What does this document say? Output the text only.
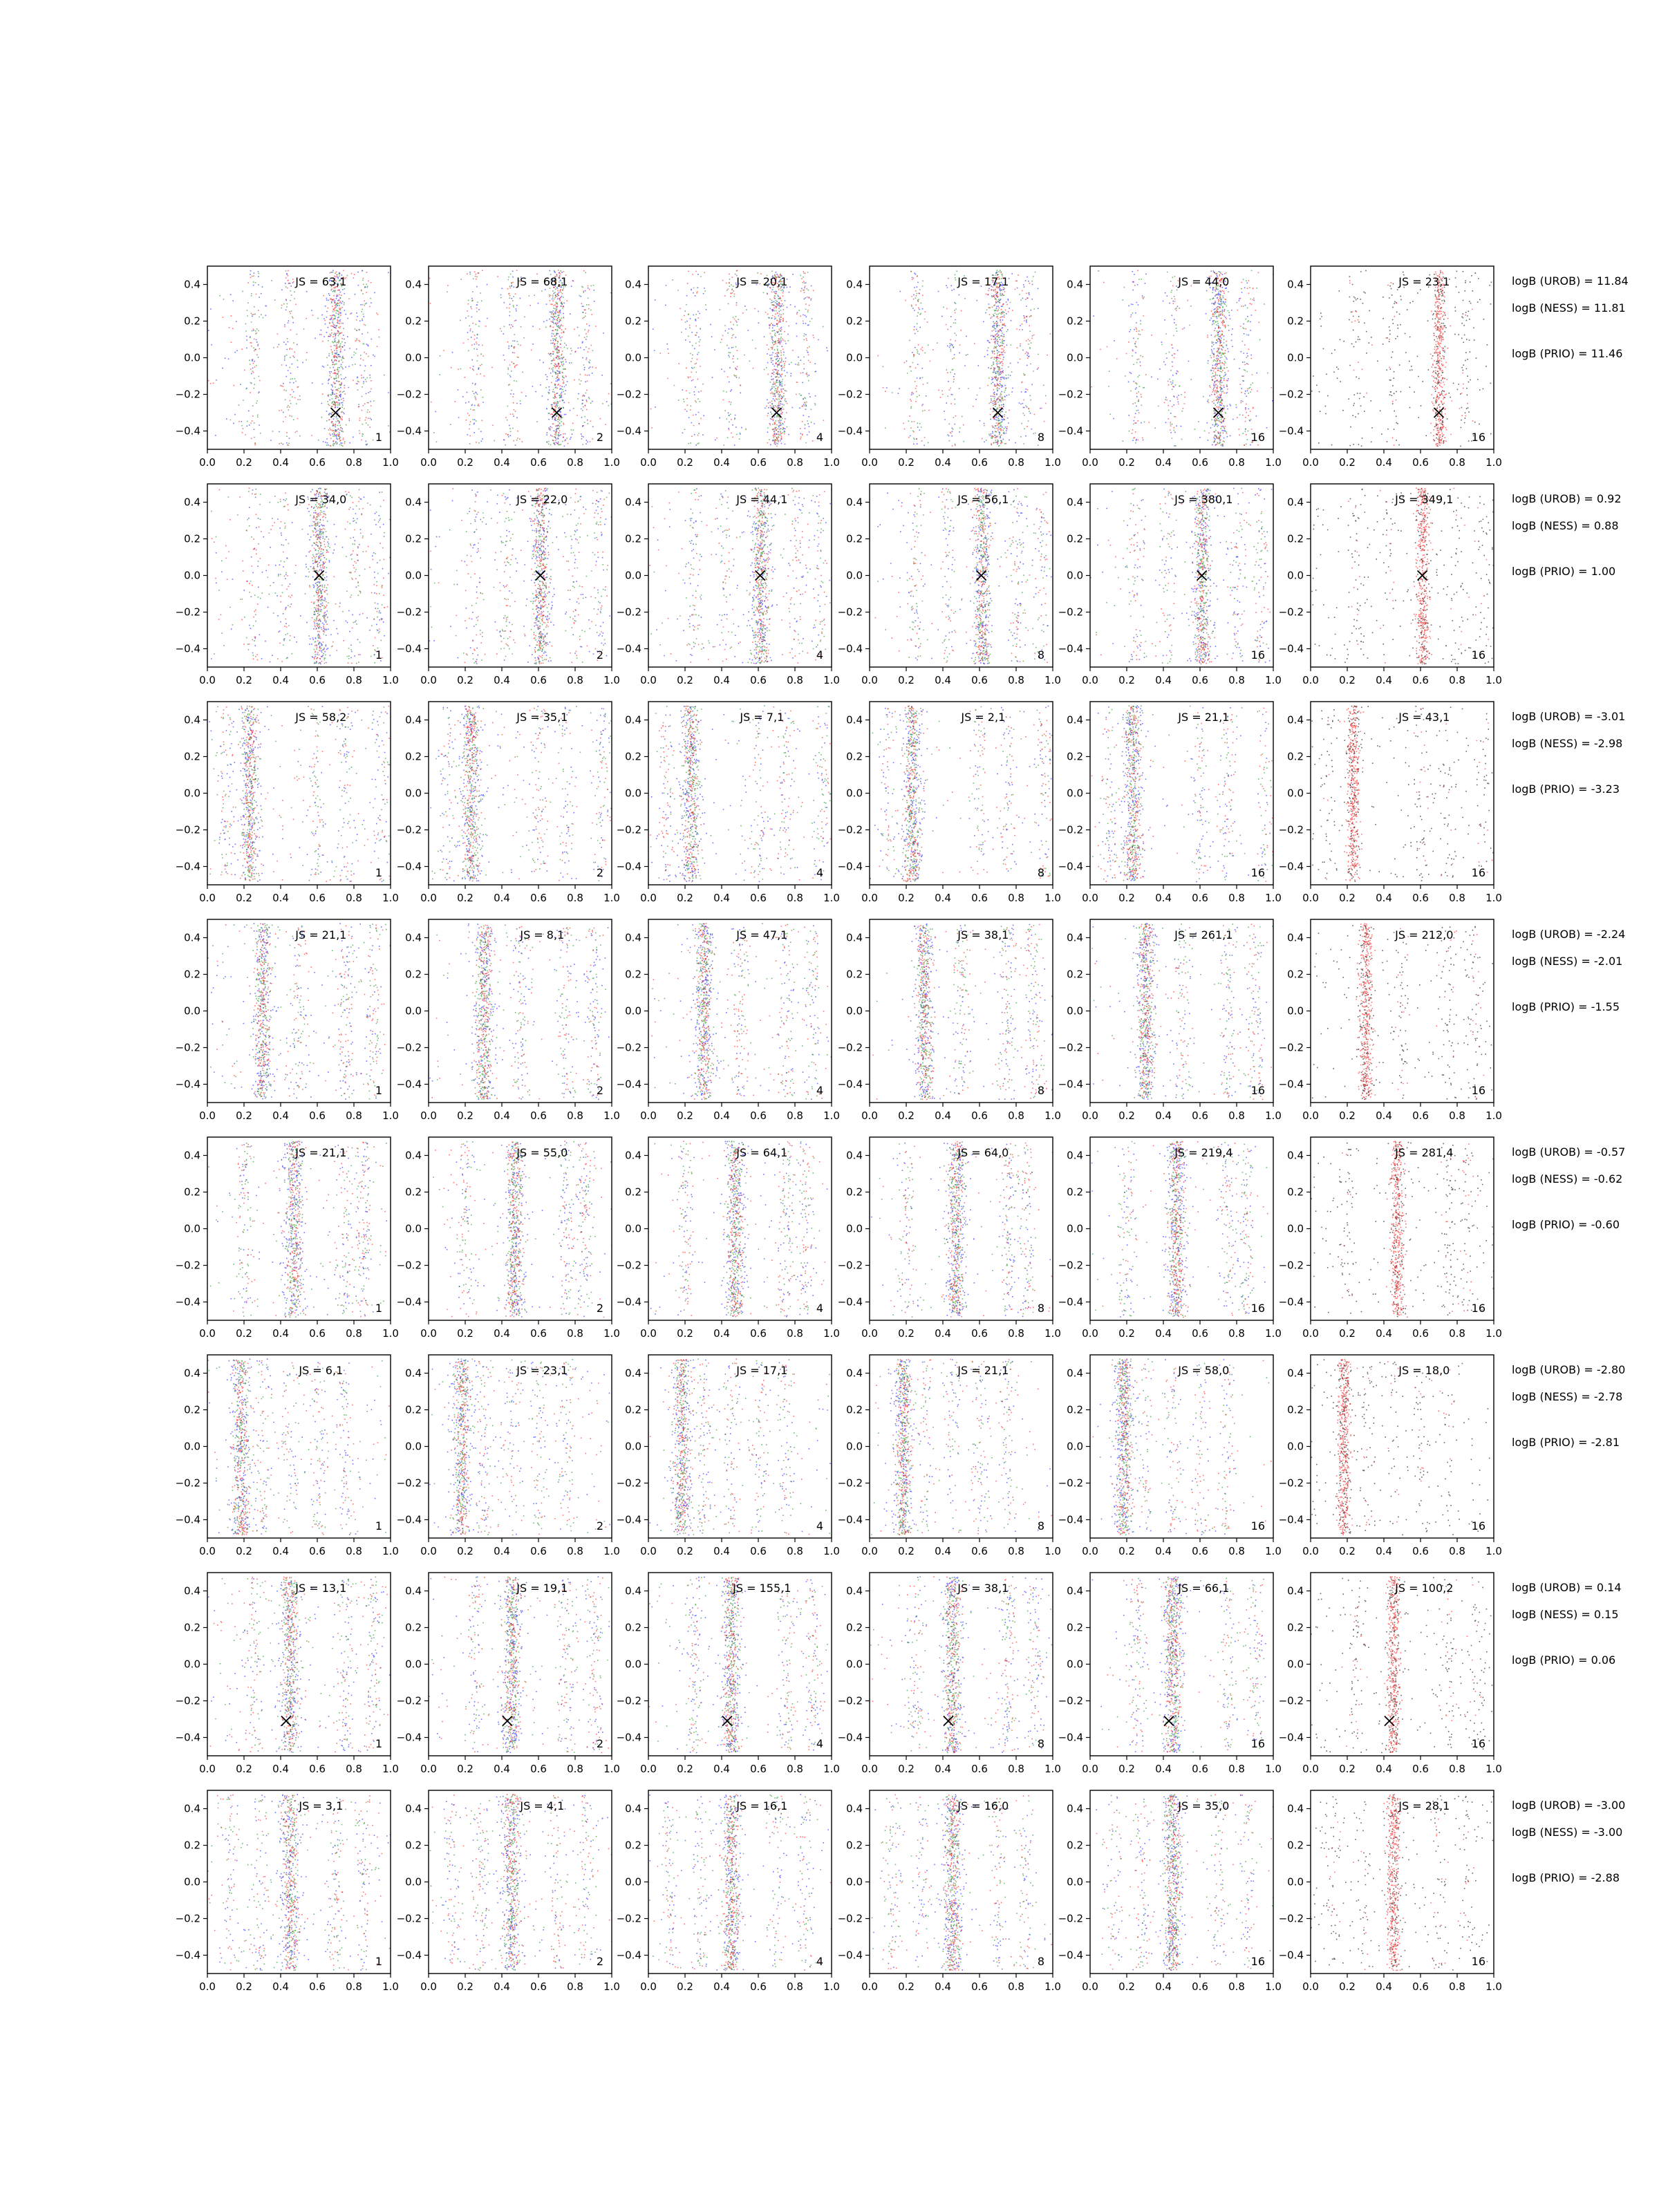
0.0 0.2 0.4 0.6 0.8 1.0
0.4
0.2
0.0
−0.2
−0.4
JS = 63,1
1
0.0 0.2 0.4 0.6 0.8 1.0
0.4
0.2
0.0
−0.2
−0.4
JS = 68,1
2
0.0 0.2 0.4 0.6 0.8 1.0
0.4
0.2
0.0
−0.2
−0.4
JS = 20,1
4
0.0 0.2 0.4 0.6 0.8 1.0
0.4
0.2
0.0
−0.2
−0.4
JS = 17,1
8
0.0 0.2 0.4 0.6 0.8 1.0
0.4
0.2
0.0
−0.2
−0.4
JS = 44,0
16
0.0 0.2 0.4 0.6 0.8 1.0
0.4
0.2
0.0
−0.2
−0.4
JS = 23,1
16
logB (UROB) = 11.84
logB (NESS) = 11.81
logB (PRIO) = 11.46
0.0 0.2 0.4 0.6 0.8 1.0
0.4
0.2
0.0
−0.2
−0.4
JS = 34,0
1
0.0 0.2 0.4 0.6 0.8 1.0
0.4
0.2
0.0
−0.2
−0.4
JS = 22,0
2
0.0 0.2 0.4 0.6 0.8 1.0
0.4
0.2
0.0
−0.2
−0.4
JS = 44,1
4
0.0 0.2 0.4 0.6 0.8 1.0
0.4
0.2
0.0
−0.2
−0.4
JS = 56,1
8
0.0 0.2 0.4 0.6 0.8 1.0
0.4
0.2
0.0
−0.2
−0.4
JS = 380,1
16
0.0 0.2 0.4 0.6 0.8 1.0
0.4
0.2
0.0
−0.2
−0.4
JS = 349,1
16
logB (UROB) = 0.92
logB (NESS) = 0.88
logB (PRIO) = 1.00
0.0 0.2 0.4 0.6 0.8 1.0
0.4
0.2
0.0
−0.2
−0.4
JS = 58,2
1
0.0 0.2 0.4 0.6 0.8 1.0
0.4
0.2
0.0
−0.2
−0.4
JS = 35,1
2
0.0 0.2 0.4 0.6 0.8 1.0
0.4
0.2
0.0
−0.2
−0.4
JS = 7,1
4
0.0 0.2 0.4 0.6 0.8 1.0
0.4
0.2
0.0
−0.2
−0.4
JS = 2,1
8
0.0 0.2 0.4 0.6 0.8 1.0
0.4
0.2
0.0
−0.2
−0.4
JS = 21,1
16
0.0 0.2 0.4 0.6 0.8 1.0
0.4
0.2
0.0
−0.2
−0.4
JS = 43,1
16
logB (UROB) = -3.01
logB (NESS) = -2.98
logB (PRIO) = -3.23
0.0 0.2 0.4 0.6 0.8 1.0
0.4
0.2
0.0
−0.2
−0.4
JS = 21,1
1
0.0 0.2 0.4 0.6 0.8 1.0
0.4
0.2
0.0
−0.2
−0.4
JS = 8,1
2
0.0 0.2 0.4 0.6 0.8 1.0
0.4
0.2
0.0
−0.2
−0.4
JS = 47,1
4
0.0 0.2 0.4 0.6 0.8 1.0
0.4
0.2
0.0
−0.2
−0.4
JS = 38,1
8
0.0 0.2 0.4 0.6 0.8 1.0
0.4
0.2
0.0
−0.2
−0.4
JS = 261,1
16
0.0 0.2 0.4 0.6 0.8 1.0
0.4
0.2
0.0
−0.2
−0.4
JS = 212,0
16
logB (UROB) = -2.24
logB (NESS) = -2.01
logB (PRIO) = -1.55
0.0 0.2 0.4 0.6 0.8 1.0
0.4
0.2
0.0
−0.2
−0.4
JS = 21,1
1
0.0 0.2 0.4 0.6 0.8 1.0
0.4
0.2
0.0
−0.2
−0.4
JS = 55,0
2
0.0 0.2 0.4 0.6 0.8 1.0
0.4
0.2
0.0
−0.2
−0.4
JS = 64,1
4
0.0 0.2 0.4 0.6 0.8 1.0
0.4
0.2
0.0
−0.2
−0.4
JS = 64,0
8
0.0 0.2 0.4 0.6 0.8 1.0
0.4
0.2
0.0
−0.2
−0.4
JS = 219,4
16
0.0 0.2 0.4 0.6 0.8 1.0
0.4
0.2
0.0
−0.2
−0.4
JS = 281,4
16
logB (UROB) = -0.57
logB (NESS) = -0.62
logB (PRIO) = -0.60
0.0 0.2 0.4 0.6 0.8 1.0
0.4
0.2
0.0
−0.2
−0.4
JS = 6,1
1
0.0 0.2 0.4 0.6 0.8 1.0
0.4
0.2
0.0
−0.2
−0.4
JS = 23,1
2
0.0 0.2 0.4 0.6 0.8 1.0
0.4
0.2
0.0
−0.2
−0.4
JS = 17,1
4
0.0 0.2 0.4 0.6 0.8 1.0
0.4
0.2
0.0
−0.2
−0.4
JS = 21,1
8
0.0 0.2 0.4 0.6 0.8 1.0
0.4
0.2
0.0
−0.2
−0.4
JS = 58,0
16
0.0 0.2 0.4 0.6 0.8 1.0
0.4
0.2
0.0
−0.2
−0.4
JS = 18,0
16
logB (UROB) = -2.80
logB (NESS) = -2.78
logB (PRIO) = -2.81
0.0 0.2 0.4 0.6 0.8 1.0
0.4
0.2
0.0
−0.2
−0.4
JS = 13,1
1
0.0 0.2 0.4 0.6 0.8 1.0
0.4
0.2
0.0
−0.2
−0.4
JS = 19,1
2
0.0 0.2 0.4 0.6 0.8 1.0
0.4
0.2
0.0
−0.2
−0.4
JS = 155,1
4
0.0 0.2 0.4 0.6 0.8 1.0
0.4
0.2
0.0
−0.2
−0.4
JS = 38,1
8
0.0 0.2 0.4 0.6 0.8 1.0
0.4
0.2
0.0
−0.2
−0.4
JS = 66,1
16
0.0 0.2 0.4 0.6 0.8 1.0
0.4
0.2
0.0
−0.2
−0.4
JS = 100,2
16
logB (UROB) = 0.14
logB (NESS) = 0.15
logB (PRIO) = 0.06
0.0 0.2 0.4 0.6 0.8 1.0
0.4
0.2
0.0
−0.2
−0.4
JS = 3,1
1
0.0 0.2 0.4 0.6 0.8 1.0
0.4
0.2
0.0
−0.2
−0.4
JS = 4,1
2
0.0 0.2 0.4 0.6 0.8 1.0
0.4
0.2
0.0
−0.2
−0.4
JS = 16,1
4
0.0 0.2 0.4 0.6 0.8 1.0
0.4
0.2
0.0
−0.2
−0.4
JS = 16,0
8
0.0 0.2 0.4 0.6 0.8 1.0
0.4
0.2
0.0
−0.2
−0.4
JS = 35,0
16
0.0 0.2 0.4 0.6 0.8 1.0
0.4
0.2
0.0
−0.2
−0.4
JS = 28,1
16
logB (UROB) = -3.00
logB (NESS) = -3.00
logB (PRIO) = -2.88
